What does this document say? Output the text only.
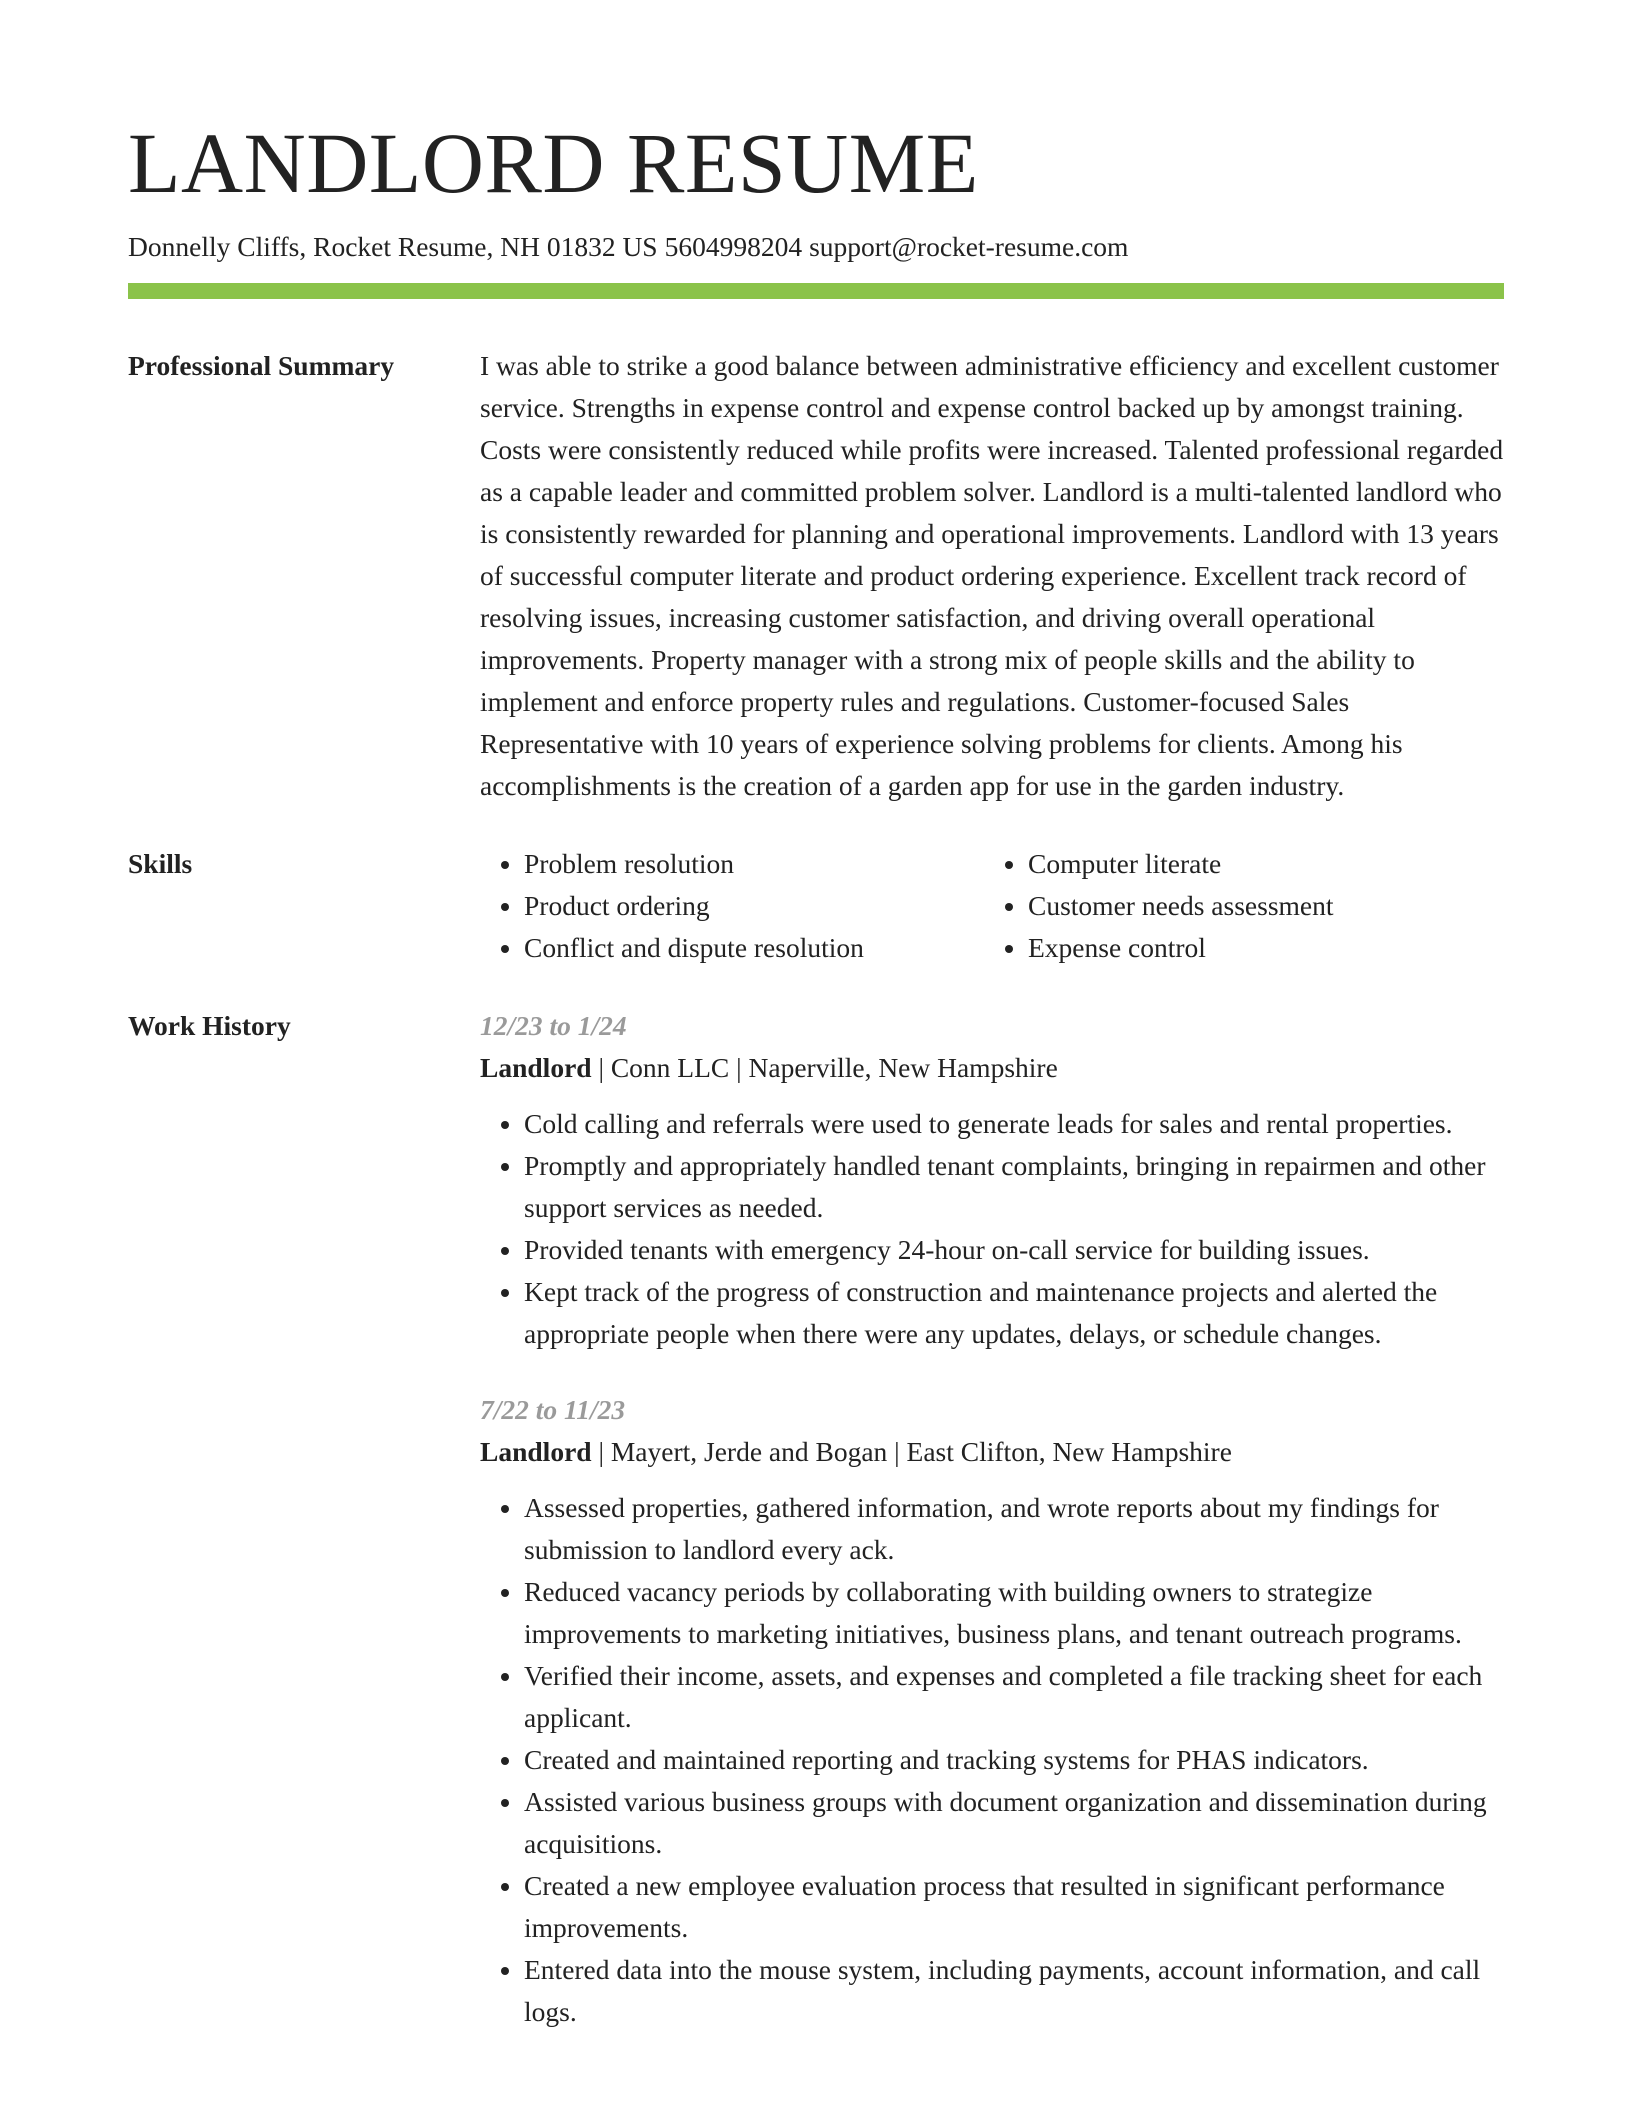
LANDLORD RESUME
Donnelly Cliffs, Rocket Resume, NH 01832 US 5604998204 support@rocket-resume.com
Professional Summary	I was able to strike a good balance between administrative efficiency and excellent customer service. Strengths in expense control and expense control backed up by amongst training. Costs were consistently reduced while profits were increased. Talented professional regarded as a capable leader and committed problem solver. Landlord is a multi-talented landlord who is consistently rewarded for planning and operational improvements. Landlord with 13 years of successful computer literate and product ordering experience. Excellent track record of resolving issues, increasing customer satisfaction, and driving overall operational improvements. Property manager with a strong mix of people skills and the ability to implement and enforce property rules and regulations. Customer-focused Sales Representative with 10 years of experience solving problems for clients. Among his accomplishments is the creation of a garden app for use in the garden industry.

Skills
•	Problem resolution
• Product ordering
• Conflict and dispute resolution
• Computer literate
• Customer needs assessment
• Expense control
Work History	12/23 to 1/24
Landlord | Conn LLC | Naperville, New Hampshire
• Cold calling and referrals were used to generate leads for sales and rental properties.
• Promptly and appropriately handled tenant complaints, bringing in repairmen and other support services as needed.
• Provided tenants with emergency 24-hour on-call service for building issues.
• Kept track of the progress of construction and maintenance projects and alerted the appropriate people when there were any updates, delays, or schedule changes.
7/22 to 11/23
Landlord | Mayert, Jerde and Bogan | East Clifton, New Hampshire
• Assessed properties, gathered information, and wrote reports about my findings for submission to landlord every ack.
• Reduced vacancy periods by collaborating with building owners to strategize improvements to marketing initiatives, business plans, and tenant outreach programs.
• Verified their income, assets, and expenses and completed a file tracking sheet for each applicant.
• Created and maintained reporting and tracking systems for PHAS indicators.
• Assisted various business groups with document organization and dissemination during acquisitions.
• Created a new employee evaluation process that resulted in significant performance improvements.
• Entered data into the mouse system, including payments, account information, and call logs.
